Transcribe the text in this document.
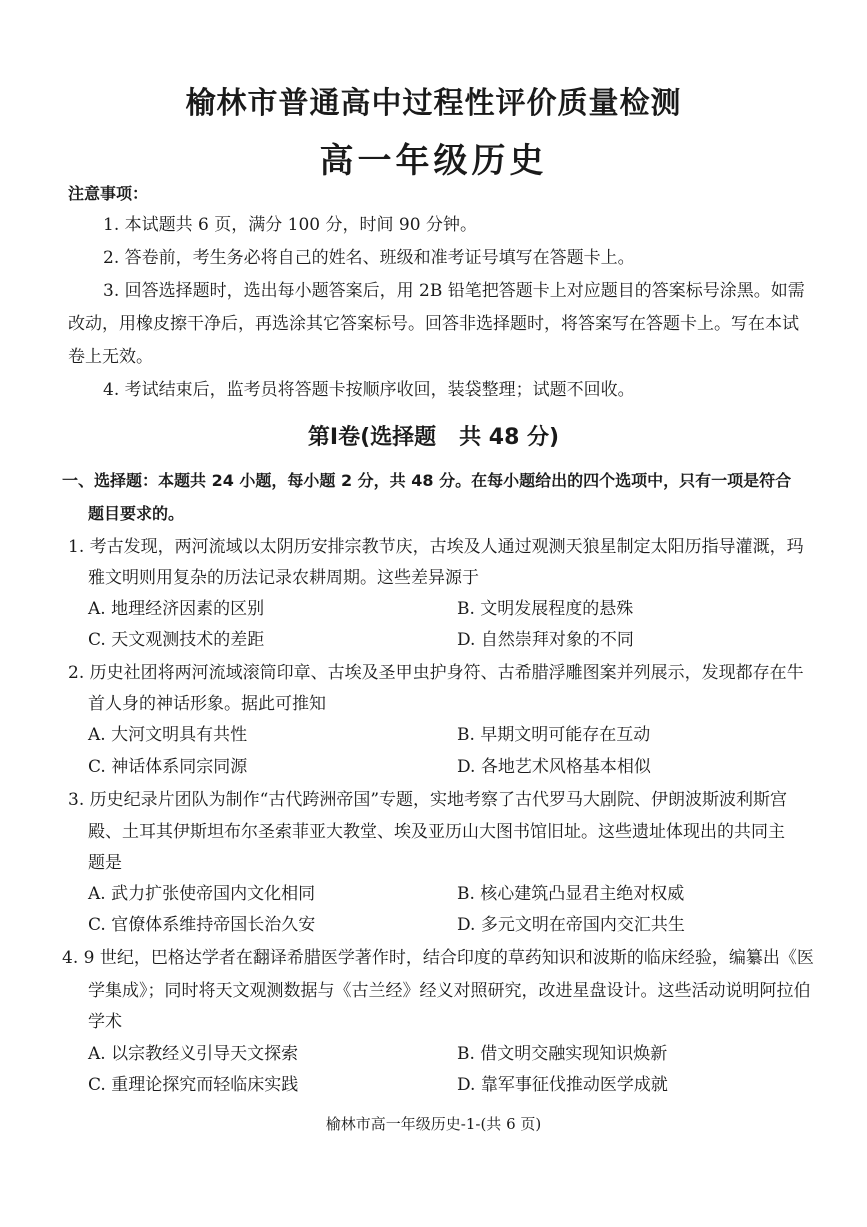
榆林市普通高中过程性评价质量检测
高一年级历史
注意事项：
1. 本试题共 6 页，满分 100 分，时间 90 分钟。
2. 答卷前，考生务必将自己的姓名、班级和准考证号填写在答题卡上。
3. 回答选择题时，选出每小题答案后，用 2B 铅笔把答题卡上对应题目的答案标号涂黑。如需
改动，用橡皮擦干净后，再选涂其它答案标号。回答非选择题时，将答案写在答题卡上。写在本试
卷上无效。
4. 考试结束后，监考员将答题卡按顺序收回，装袋整理；试题不回收。
第Ⅰ卷(选择题   共 48 分)
一、选择题：本题共 24 小题，每小题 2 分，共 48 分。在每小题给出的四个选项中，只有一项是符合
题目要求的。
1. 考古发现，两河流域以太阴历安排宗教节庆，古埃及人通过观测天狼星制定太阳历指导灌溉，玛
雅文明则用复杂的历法记录农耕周期。这些差异源于
A. 地理经济因素的区别	B. 文明发展程度的悬殊
C. 天文观测技术的差距	D. 自然崇拜对象的不同
2. 历史社团将两河流域滚筒印章、古埃及圣甲虫护身符、古希腊浮雕图案并列展示，发现都存在牛
首人身的神话形象。据此可推知
A. 大河文明具有共性	B. 早期文明可能存在互动
C. 神话体系同宗同源	D. 各地艺术风格基本相似
3. 历史纪录片团队为制作“古代跨洲帝国”专题，实地考察了古代罗马大剧院、伊朗波斯波利斯宫
殿、土耳其伊斯坦布尔圣索菲亚大教堂、埃及亚历山大图书馆旧址。这些遗址体现出的共同主
题是
A. 武力扩张使帝国内文化相同	B. 核心建筑凸显君主绝对权威
C. 官僚体系维持帝国长治久安	D. 多元文明在帝国内交汇共生
4. 9 世纪，巴格达学者在翻译希腊医学著作时，结合印度的草药知识和波斯的临床经验，编纂出《医
学集成》；同时将天文观测数据与《古兰经》经义对照研究，改进星盘设计。这些活动说明阿拉伯
学术
A. 以宗教经义引导天文探索	B. 借文明交融实现知识焕新
C. 重理论探究而轻临床实践	D. 靠军事征伐推动医学成就
榆林市高一年级历史-1-(共 6 页)
